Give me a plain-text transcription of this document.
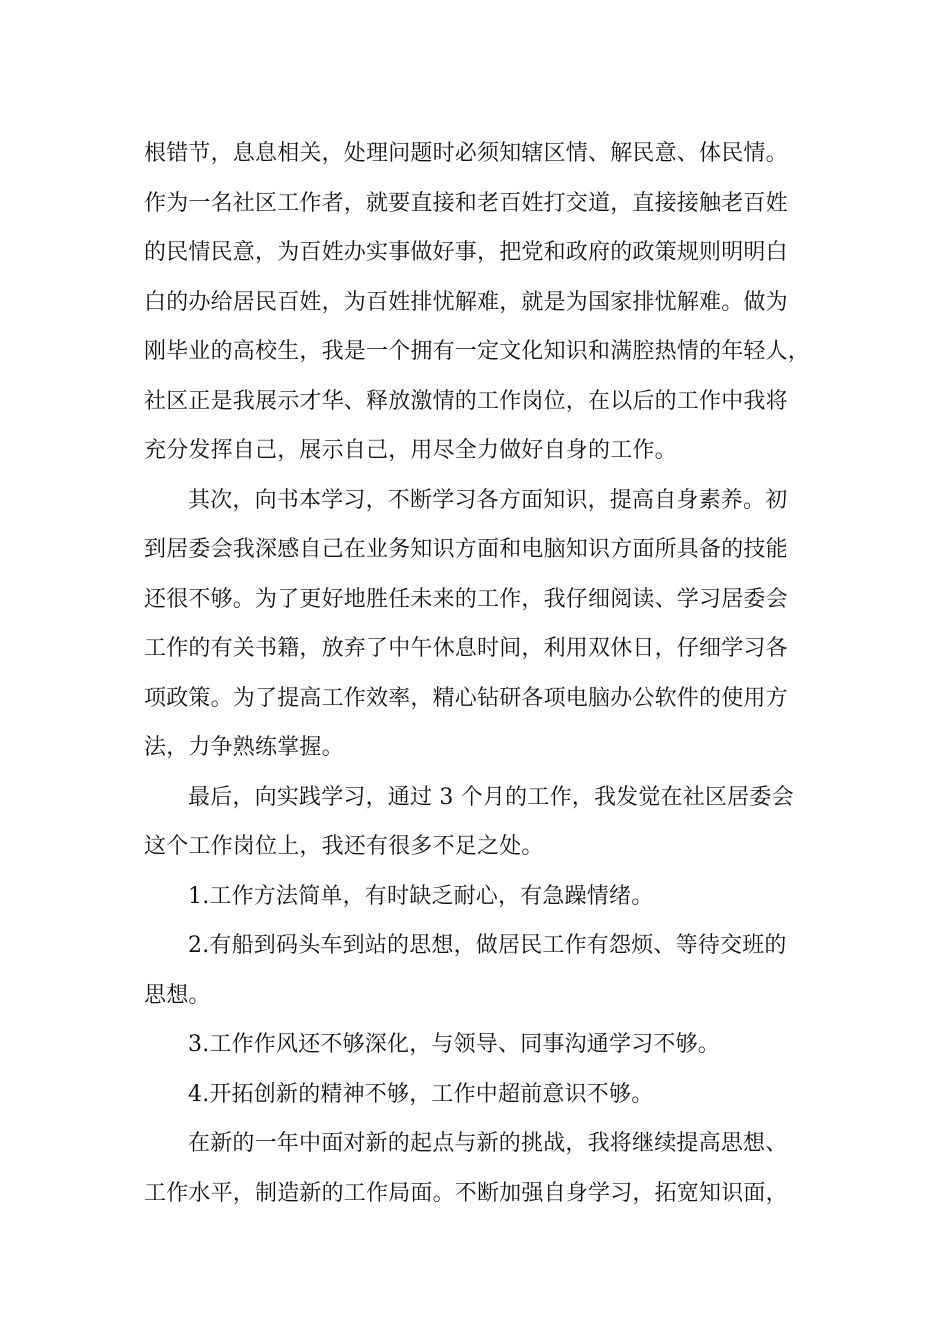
根错节，息息相关，处理问题时必须知辖区情、解民意、体民情。
作为一名社区工作者，就要直接和老百姓打交道，直接接触老百姓
的民情民意，为百姓办实事做好事，把党和政府的政策规则明明白
白的办给居民百姓，为百姓排忧解难，就是为国家排忧解难。做为
刚毕业的高校生，我是一个拥有一定文化知识和满腔热情的年轻人，
社区正是我展示才华、释放激情的工作岗位，在以后的工作中我将
充分发挥自己，展示自己，用尽全力做好自身的工作。
其次，向书本学习，不断学习各方面知识，提高自身素养。初
到居委会我深感自己在业务知识方面和电脑知识方面所具备的技能
还很不够。为了更好地胜任未来的工作，我仔细阅读、学习居委会
工作的有关书籍，放弃了中午休息时间，利用双休日，仔细学习各
项政策。为了提高工作效率，精心钻研各项电脑办公软件的使用方
法，力争熟练掌握。
最后，向实践学习，通过 3 个月的工作，我发觉在社区居委会
这个工作岗位上，我还有很多不足之处。
1.工作方法简单，有时缺乏耐心，有急躁情绪。
2.有船到码头车到站的思想，做居民工作有怨烦、等待交班的
思想。
3.工作作风还不够深化，与领导、同事沟通学习不够。
4.开拓创新的精神不够，工作中超前意识不够。
在新的一年中面对新的起点与新的挑战，我将继续提高思想、
工作水平，制造新的工作局面。不断加强自身学习，拓宽知识面，
